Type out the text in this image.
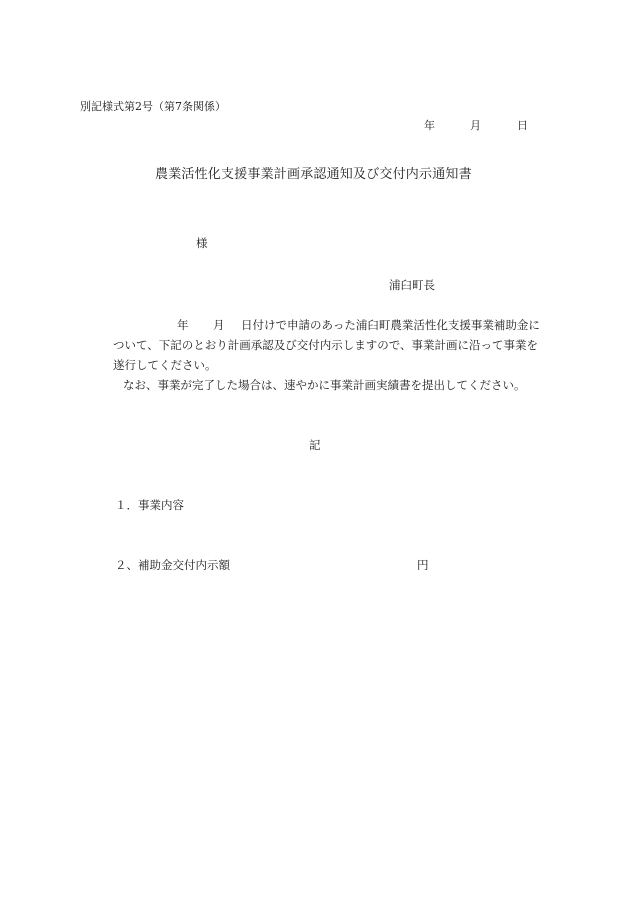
別記様式第2号（第7条関係）
年	月	日
農業活性化支援事業計画承認通知及び交付内示通知書
様
浦臼町長
年 月 日付けで申請のあった浦臼町農業活性化支援事業補助金に
ついて、下記のとおり計画承認及び交付内示しますので、事業計画に沿って事業を
遂行してください。
なお、事業が完了した場合は、速やかに事業計画実績書を提出してください。
記
１．事業内容
２、補助金交付内示額	円
